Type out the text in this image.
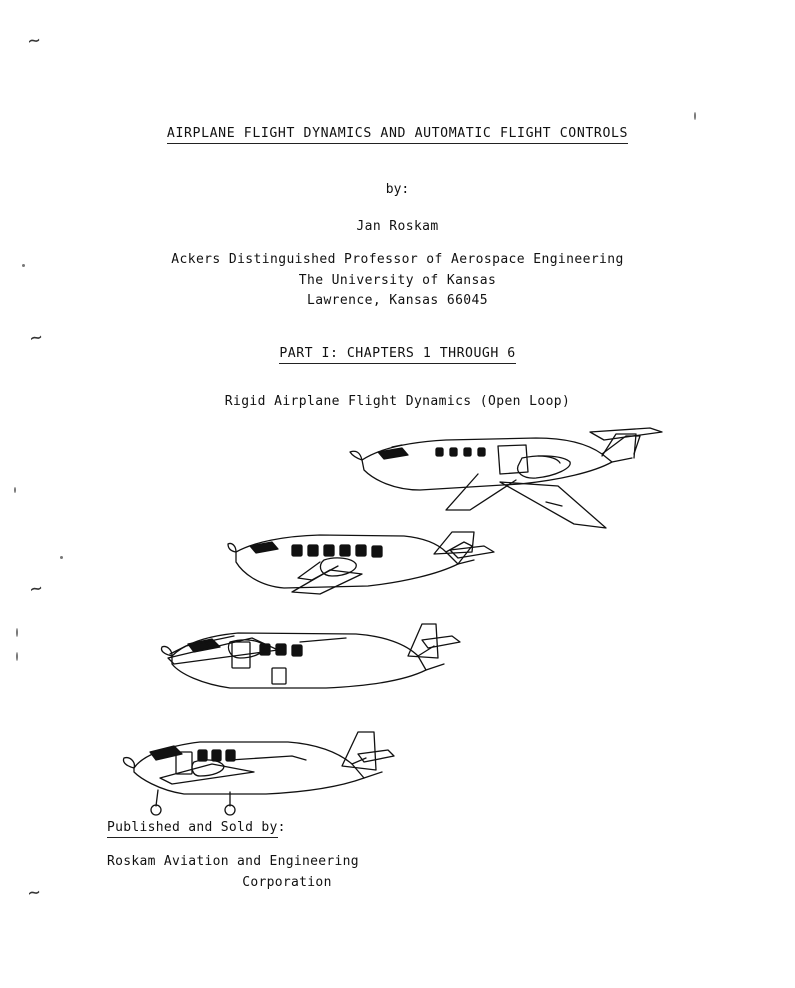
~
~
~
~
AIRPLANE FLIGHT DYNAMICS AND AUTOMATIC FLIGHT CONTROLS
by:
Jan Roskam
Ackers Distinguished Professor of Aerospace Engineering
The University of Kansas
Lawrence, Kansas 66045
PART I: CHAPTERS 1 THROUGH 6
Rigid Airplane Flight Dynamics (Open Loop)
Published and Sold by:
Roskam Aviation and Engineering
Corporation
